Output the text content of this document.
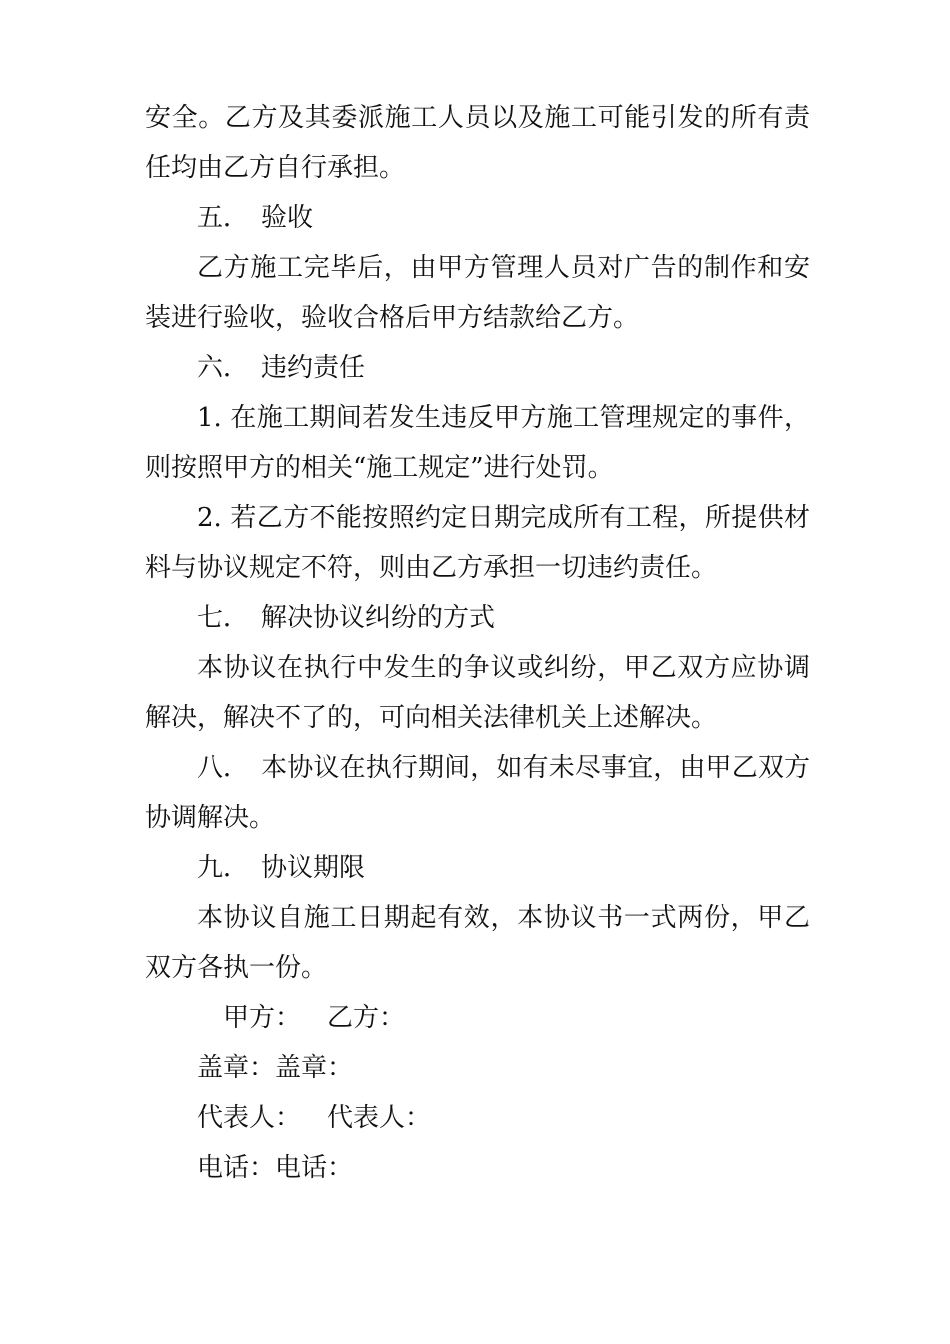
安全。乙方及其委派施工人员以及施工可能引发的所有责任均由乙方自行承担。

五． 验收

乙方施工完毕后，由甲方管理人员对广告的制作和安装进行验收，验收合格后甲方结款给乙方。

六． 违约责任

1. 在施工期间若发生违反甲方施工管理规定的事件，则按照甲方的相关“施工规定”进行处罚。

2. 若乙方不能按照约定日期完成所有工程，所提供材料与协议规定不符，则由乙方承担一切违约责任。

七． 解决协议纠纷的方式

本协议在执行中发生的争议或纠纷，甲乙双方应协调解决，解决不了的，可向相关法律机关上述解决。

八． 本协议在执行期间，如有未尽事宜，由甲乙双方协调解决。

九． 协议期限

本协议自施工日期起有效，本协议书一式两份，甲乙双方各执一份。

甲方： 乙方：
盖章：盖章：
代表人： 代表人：
电话：电话：
